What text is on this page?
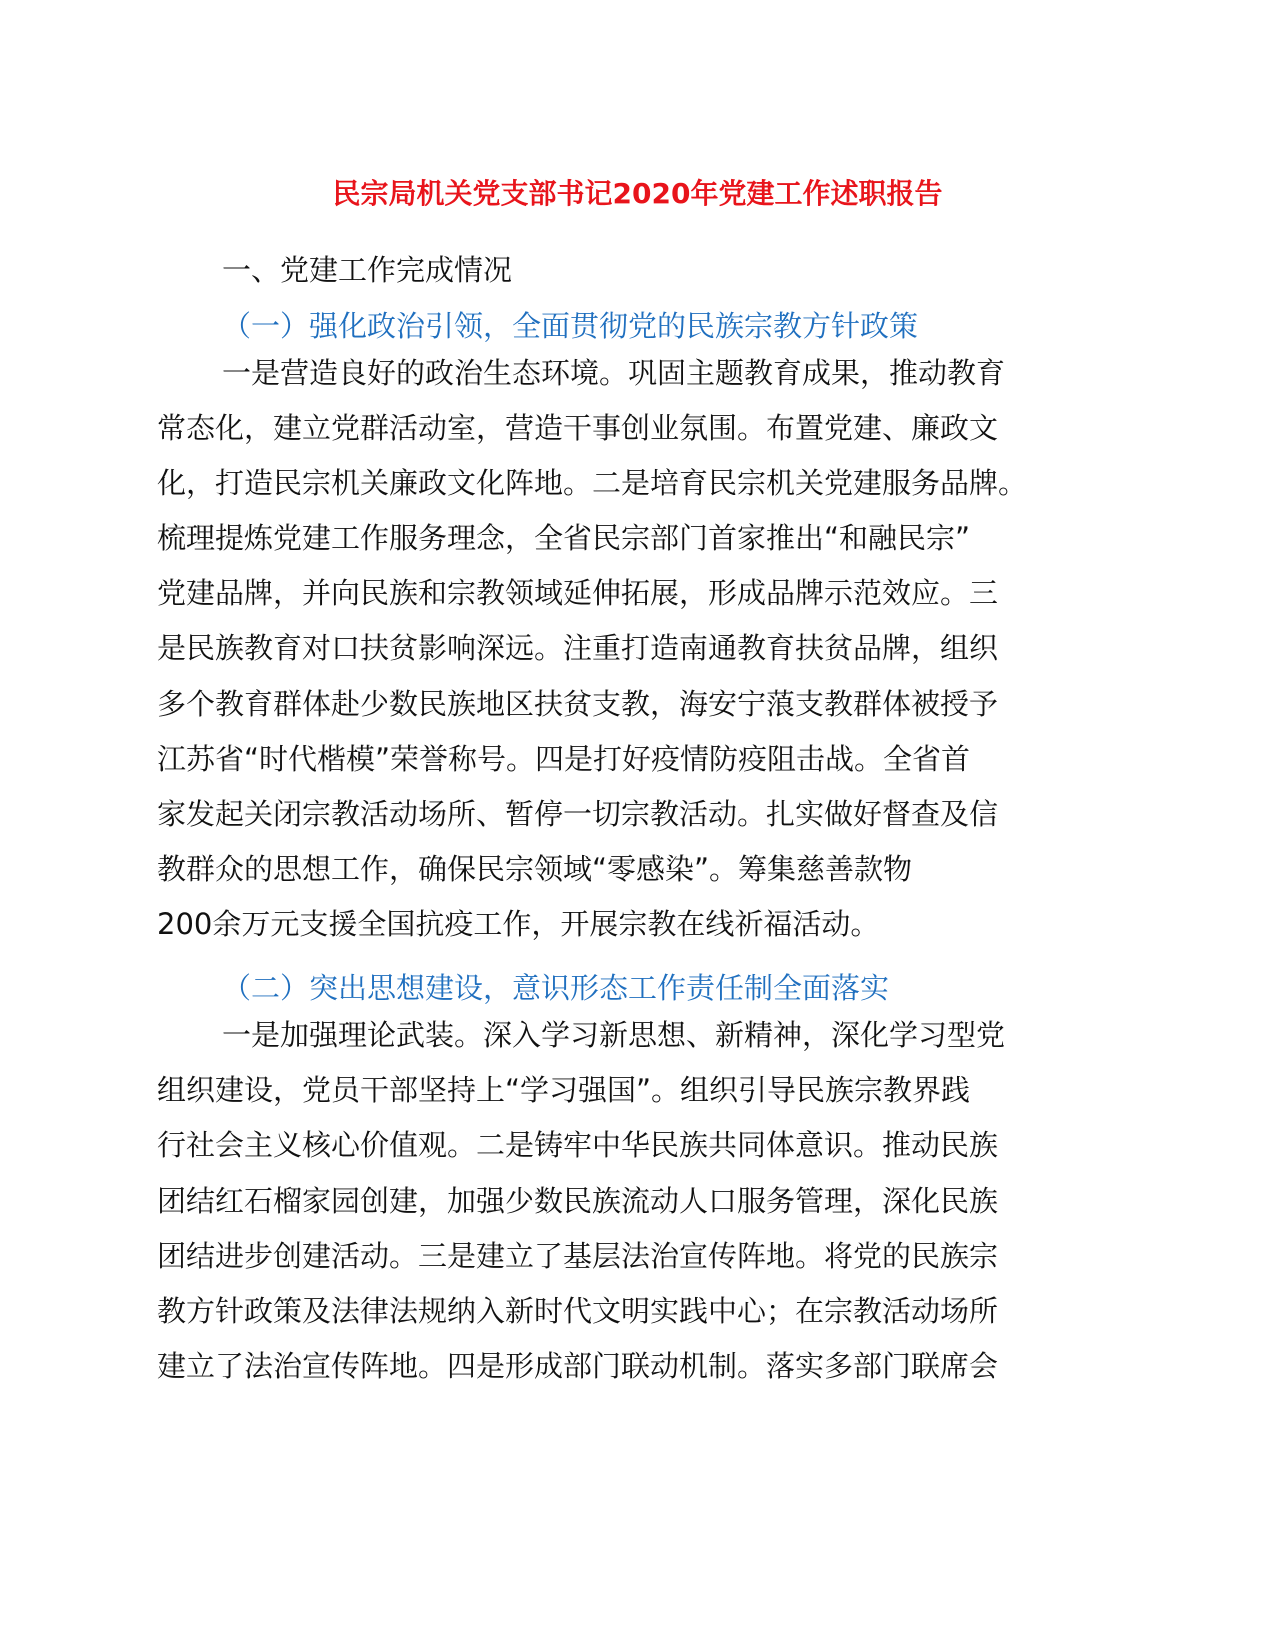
民宗局机关党支部书记2020年党建工作述职报告
一、党建工作完成情况
（一）强化政治引领，全面贯彻党的民族宗教方针政策
一是营造良好的政治生态环境。巩固主题教育成果，推动教育
常态化，建立党群活动室，营造干事创业氛围。布置党建、廉政文
化，打造民宗机关廉政文化阵地。二是培育民宗机关党建服务品牌。
梳理提炼党建工作服务理念，全省民宗部门首家推出“和融民宗”
党建品牌，并向民族和宗教领域延伸拓展，形成品牌示范效应。三
是民族教育对口扶贫影响深远。注重打造南通教育扶贫品牌，组织
多个教育群体赴少数民族地区扶贫支教，海安宁蒗支教群体被授予
江苏省“时代楷模”荣誉称号。四是打好疫情防疫阻击战。全省首
家发起关闭宗教活动场所、暂停一切宗教活动。扎实做好督查及信
教群众的思想工作，确保民宗领域“零感染”。筹集慈善款物
200余万元支援全国抗疫工作，开展宗教在线祈福活动。
（二）突出思想建设，意识形态工作责任制全面落实
一是加强理论武装。深入学习新思想、新精神，深化学习型党
组织建设，党员干部坚持上“学习强国”。组织引导民族宗教界践
行社会主义核心价值观。二是铸牢中华民族共同体意识。推动民族
团结红石榴家园创建，加强少数民族流动人口服务管理，深化民族
团结进步创建活动。三是建立了基层法治宣传阵地。将党的民族宗
教方针政策及法律法规纳入新时代文明实践中心；在宗教活动场所
建立了法治宣传阵地。四是形成部门联动机制。落实多部门联席会
